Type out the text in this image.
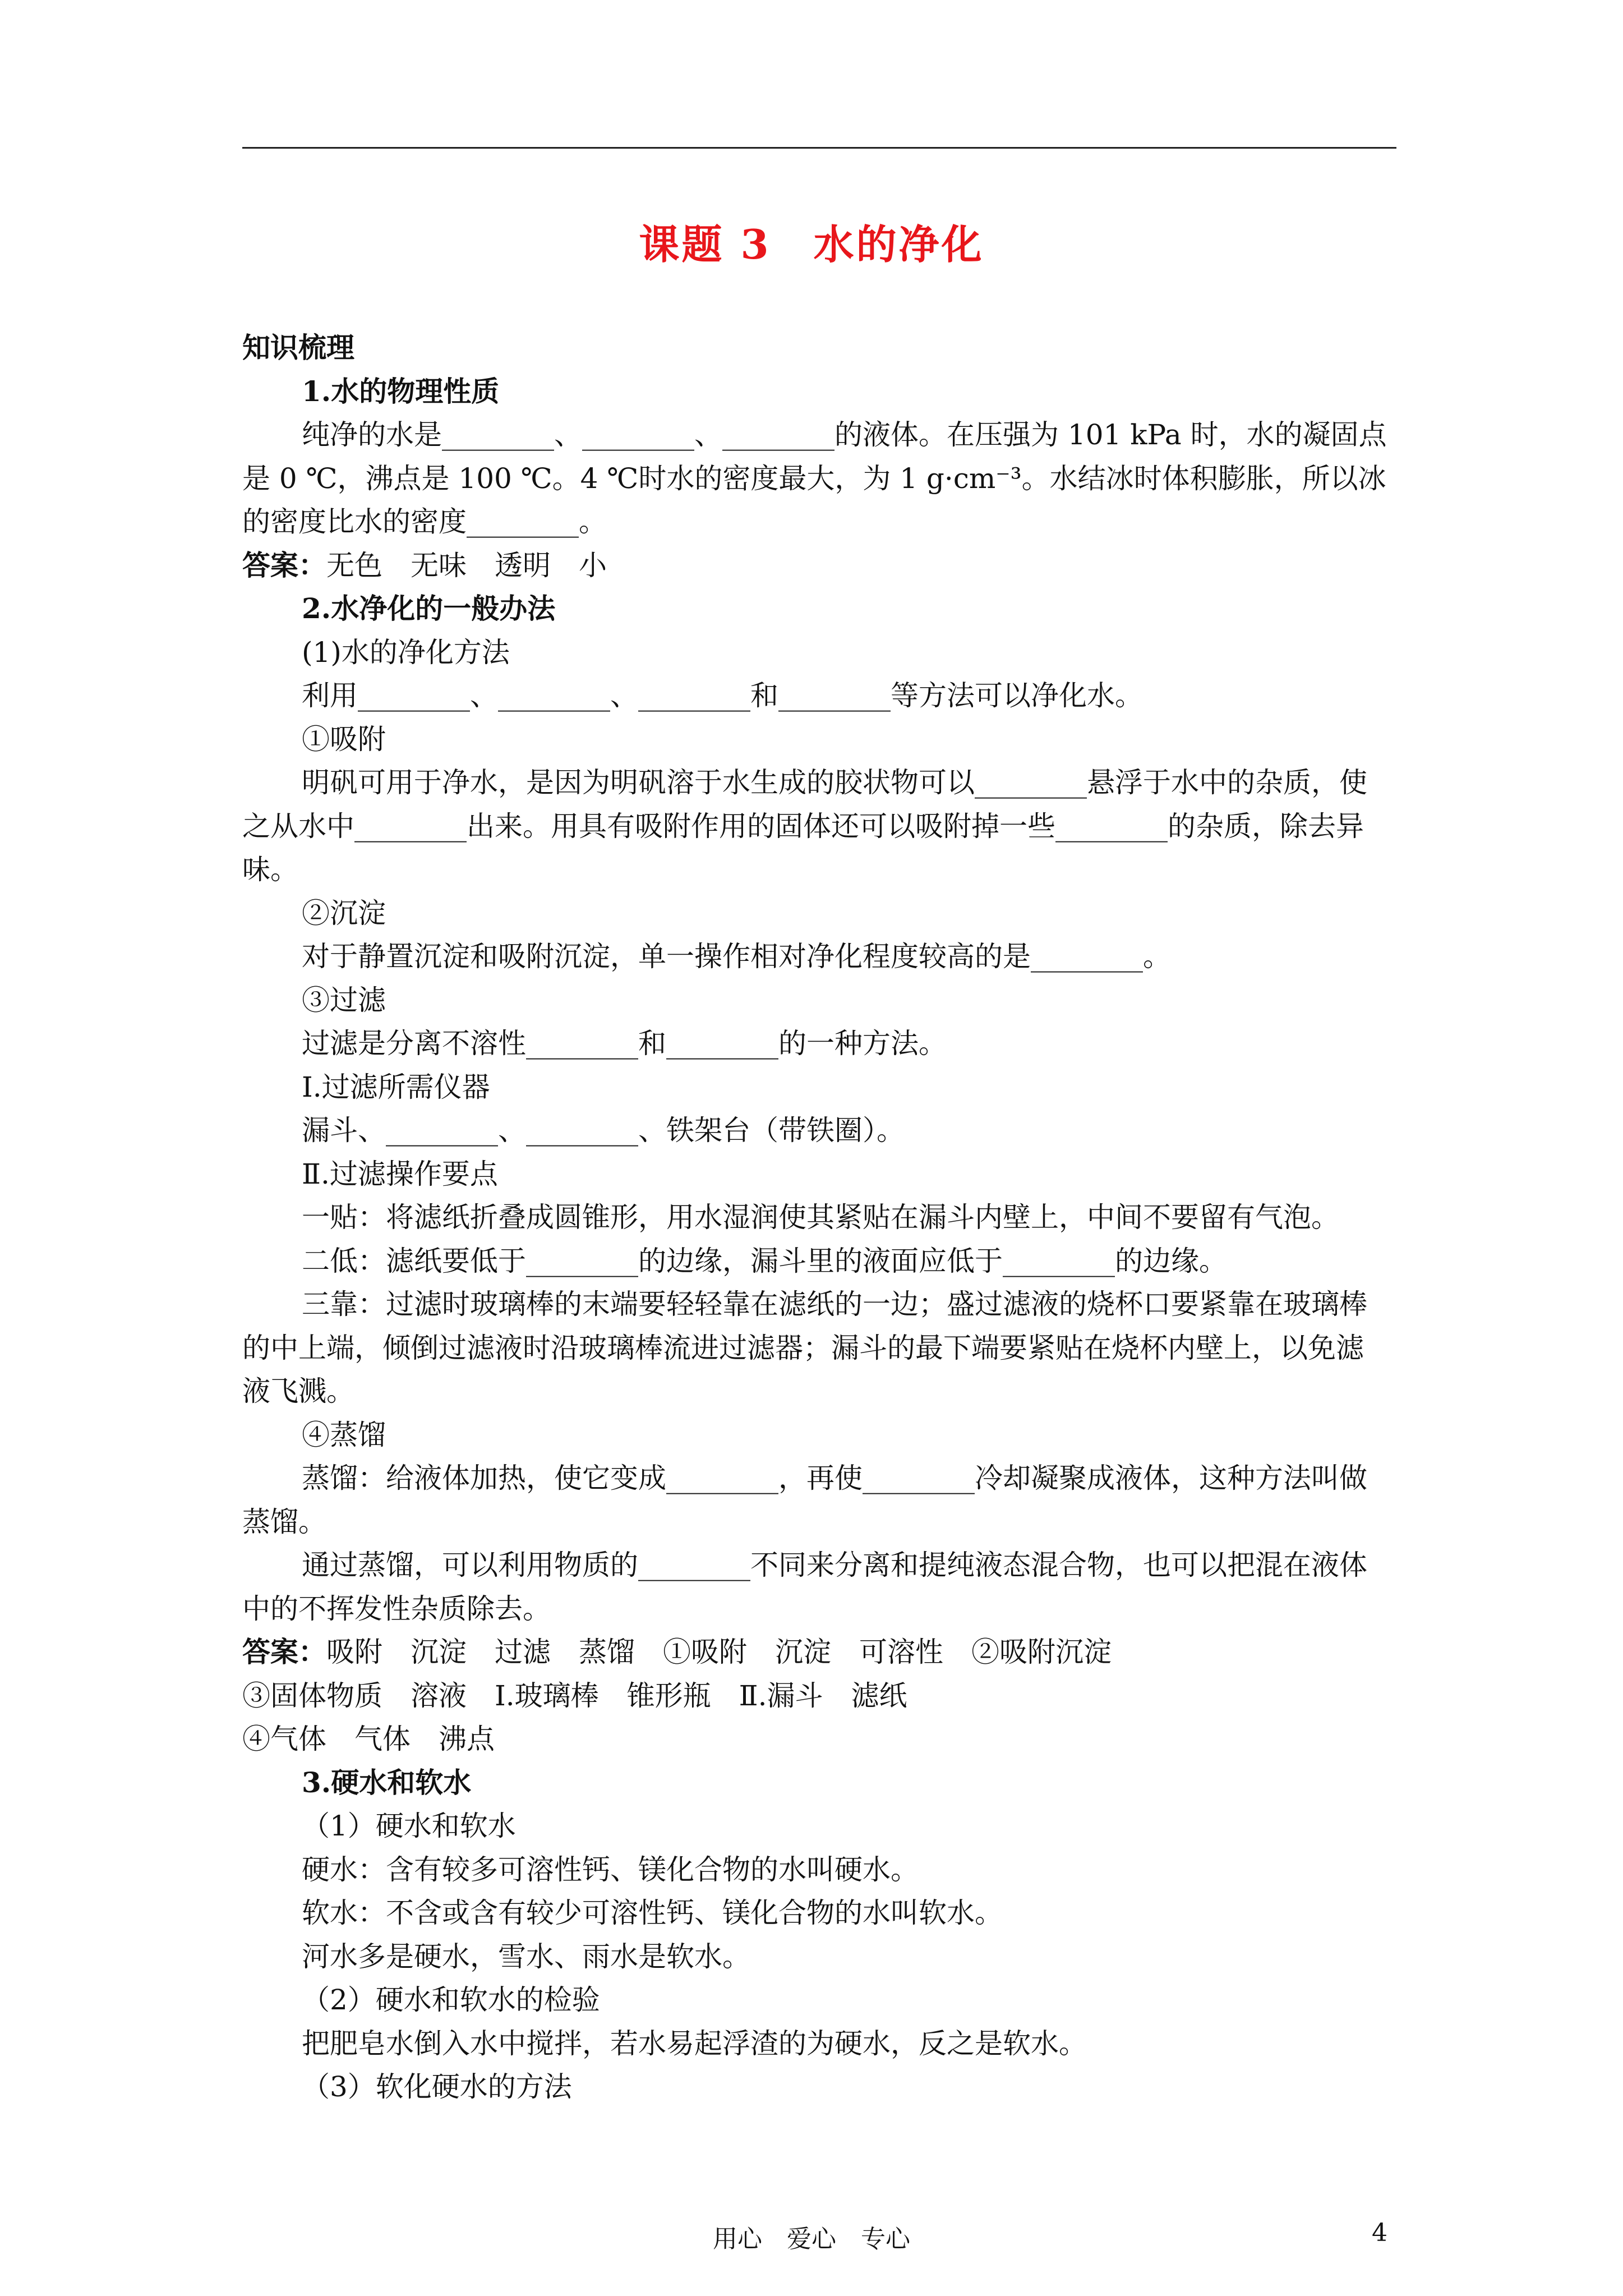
课题 3　水的净化
知识梳理
1.水的物理性质
纯净的水是________、________、________的液体。在压强为 101 kPa 时，水的凝固点
是 0 ℃，沸点是 100 ℃。4 ℃时水的密度最大，为 1 g·cm⁻³。水结冰时体积膨胀，所以冰
的密度比水的密度________。
答案：无色　无味　透明　小
2.水净化的一般办法
(1)水的净化方法
利用________、________、________和________等方法可以净化水。
①吸附
明矾可用于净水，是因为明矾溶于水生成的胶状物可以________悬浮于水中的杂质，使
之从水中________出来。用具有吸附作用的固体还可以吸附掉一些________的杂质，除去异
味。
②沉淀
对于静置沉淀和吸附沉淀，单一操作相对净化程度较高的是________。
③过滤
过滤是分离不溶性________和________的一种方法。
Ⅰ.过滤所需仪器
漏斗、________、________、铁架台（带铁圈）。
Ⅱ.过滤操作要点
一贴：将滤纸折叠成圆锥形，用水湿润使其紧贴在漏斗内壁上，中间不要留有气泡。
二低：滤纸要低于________的边缘，漏斗里的液面应低于________的边缘。
三靠：过滤时玻璃棒的末端要轻轻靠在滤纸的一边；盛过滤液的烧杯口要紧靠在玻璃棒
的中上端，倾倒过滤液时沿玻璃棒流进过滤器；漏斗的最下端要紧贴在烧杯内壁上，以免滤
液飞溅。
④蒸馏
蒸馏：给液体加热，使它变成________，再使________冷却凝聚成液体，这种方法叫做
蒸馏。
通过蒸馏，可以利用物质的________不同来分离和提纯液态混合物，也可以把混在液体
中的不挥发性杂质除去。
答案：吸附　沉淀　过滤　蒸馏　①吸附　沉淀　可溶性　②吸附沉淀
③固体物质　溶液　Ⅰ.玻璃棒　锥形瓶　Ⅱ.漏斗　滤纸
④气体　气体　沸点
3.硬水和软水
（1）硬水和软水
硬水：含有较多可溶性钙、镁化合物的水叫硬水。
软水：不含或含有较少可溶性钙、镁化合物的水叫软水。
河水多是硬水，雪水、雨水是软水。
（2）硬水和软水的检验
把肥皂水倒入水中搅拌，若水易起浮渣的为硬水，反之是软水。
（3）软化硬水的方法
用心　爱心　专心	4
